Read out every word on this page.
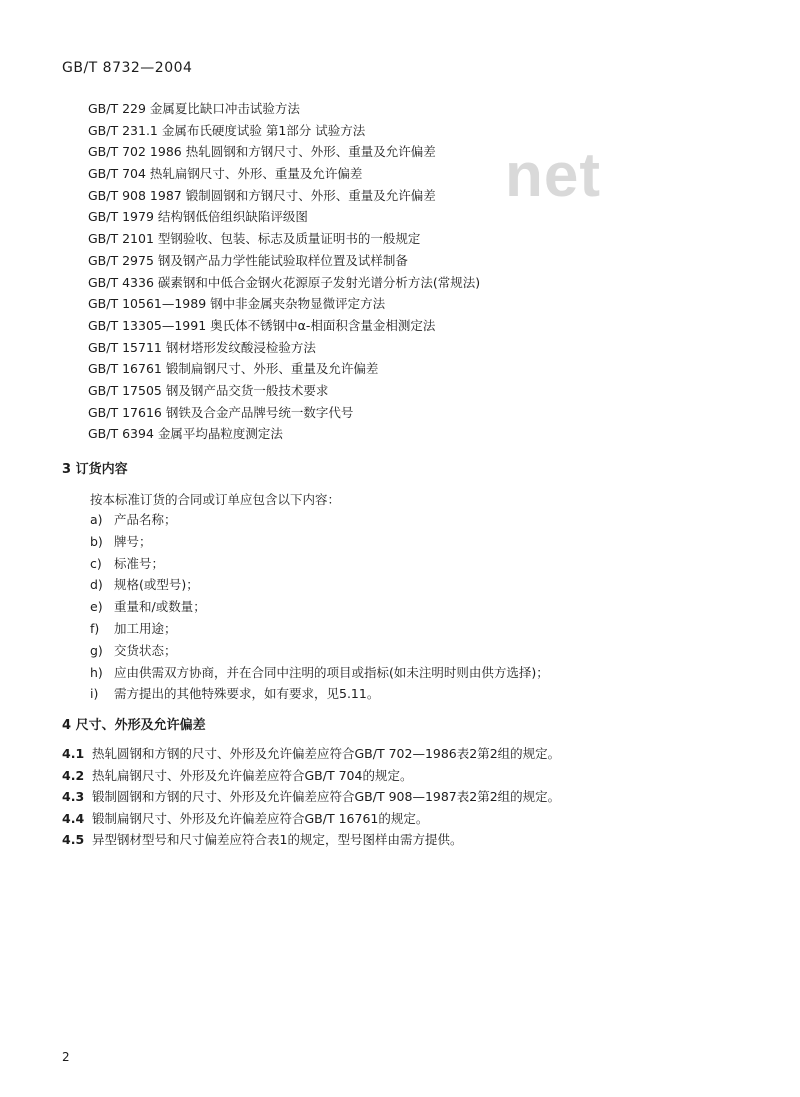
GB/T 8732—2004
net
GB/T 229 金属夏比缺口冲击试验方法
GB/T 231.1 金属布氏硬度试验 第1部分 试验方法
GB/T 702 1986 热轧圆钢和方钢尺寸、外形、重量及允许偏差
GB/T 704 热轧扁钢尺寸、外形、重量及允许偏差
GB/T 908 1987 锻制圆钢和方钢尺寸、外形、重量及允许偏差
GB/T 1979 结构钢低倍组织缺陷评级图
GB/T 2101 型钢验收、包装、标志及质量证明书的一般规定
GB/T 2975 钢及钢产品力学性能试验取样位置及试样制备
GB/T 4336 碳素钢和中低合金钢火花源原子发射光谱分析方法(常规法)
GB/T 10561—1989 钢中非金属夹杂物显微评定方法
GB/T 13305—1991 奥氏体不锈钢中α-相面积含量金相测定法
GB/T 15711 钢材塔形发纹酸浸检验方法
GB/T 16761 锻制扁钢尺寸、外形、重量及允许偏差
GB/T 17505 钢及钢产品交货一般技术要求
GB/T 17616 钢铁及合金产品牌号统一数字代号
GB/T 6394 金属平均晶粒度测定法
3 订货内容
按本标准订货的合同或订单应包含以下内容：
a) 产品名称；
b) 牌号；
c) 标准号；
d) 规格(或型号)；
e) 重量和/或数量；
f) 加工用途；
g) 交货状态；
h) 应由供需双方协商，并在合同中注明的项目或指标(如未注明时则由供方选择)；
i) 需方提出的其他特殊要求，如有要求，见5.11。
4 尺寸、外形及允许偏差
4.1 热轧圆钢和方钢的尺寸、外形及允许偏差应符合GB/T 702—1986表2第2组的规定。
4.2 热轧扁钢尺寸、外形及允许偏差应符合GB/T 704的规定。
4.3 锻制圆钢和方钢的尺寸、外形及允许偏差应符合GB/T 908—1987表2第2组的规定。
4.4 锻制扁钢尺寸、外形及允许偏差应符合GB/T 16761的规定。
4.5 异型钢材型号和尺寸偏差应符合表1的规定，型号图样由需方提供。
2
